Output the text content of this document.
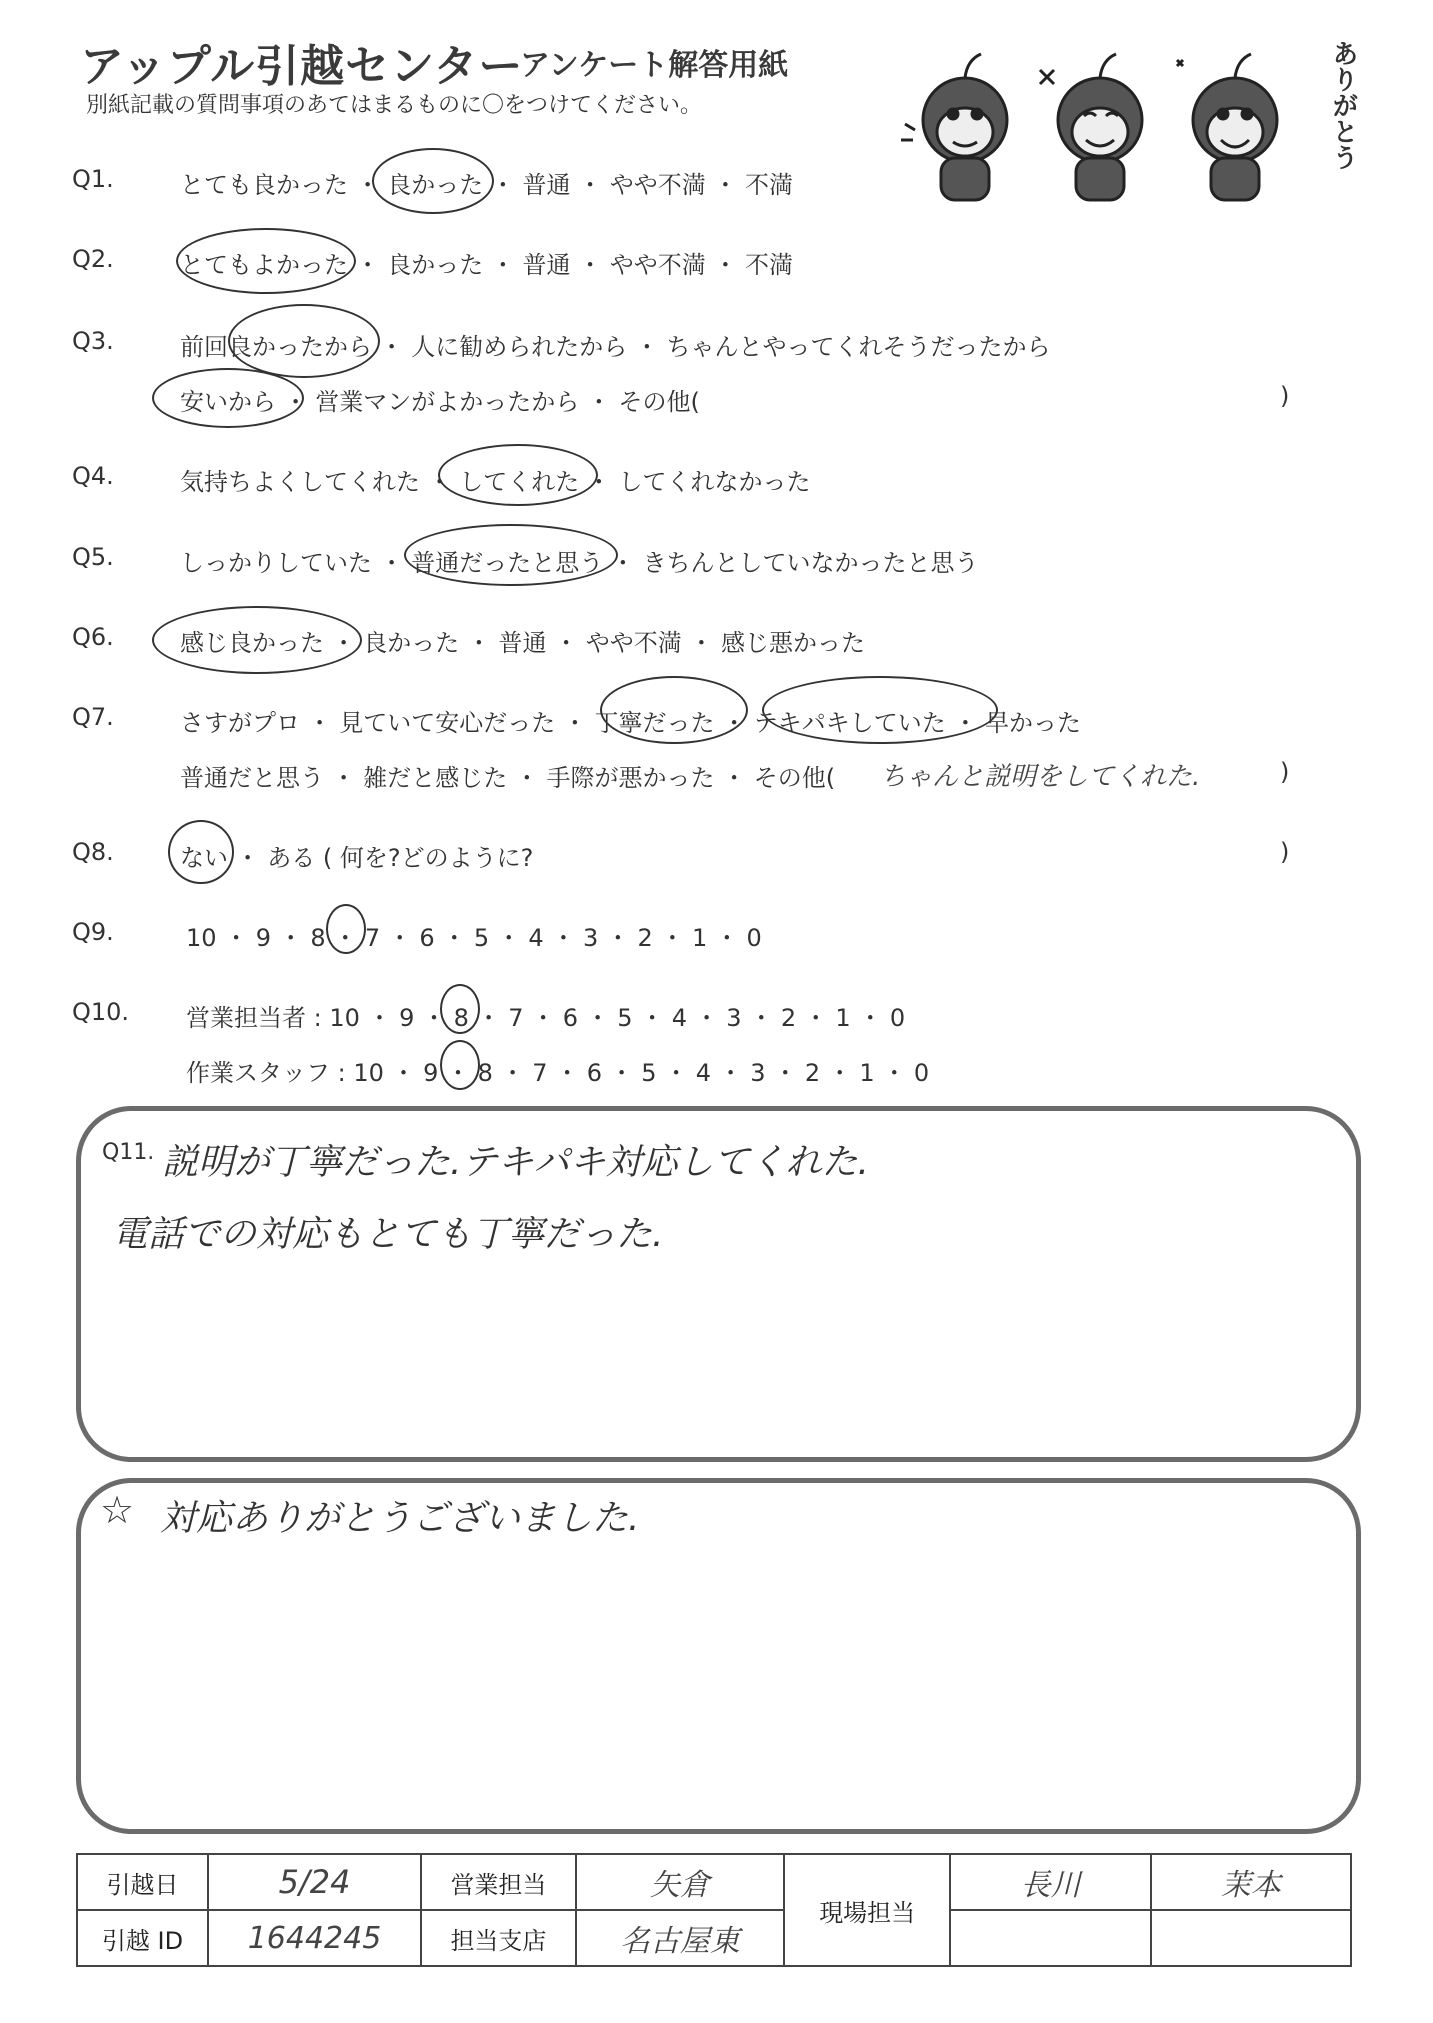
アップル引越センター
アンケート解答用紙
別紙記載の質問事項のあてはまるものに〇をつけてください。	ありがとう
Q1.	とても良かった ・ 良かった ・ 普通 ・ やや不満 ・ 不満
Q2.	とてもよかった ・ 良かった ・ 普通 ・ やや不満 ・ 不満
Q3.	前回良かったから ・ 人に勧められたから ・ ちゃんとやってくれそうだったから
安いから ・ 営業マンがよかったから ・ その他(	)
Q4.	気持ちよくしてくれた ・ してくれた ・ してくれなかった
Q5.	しっかりしていた ・ 普通だったと思う ・ きちんとしていなかったと思う
Q6.	感じ良かった ・ 良かった ・ 普通 ・ やや不満 ・ 感じ悪かった
Q7.	さすがプロ ・ 見ていて安心だった ・ 丁寧だった ・ テキパキしていた ・ 早かった
普通だと思う ・ 雑だと感じた ・ 手際が悪かった ・ その他( ちゃんと説明をしてくれた.	)
Q8.	ない ・ ある ( 何を?どのように?	)
Q9.	10 ・ 9 ・ 8 ・ 7 ・ 6 ・ 5 ・ 4 ・ 3 ・ 2 ・ 1 ・ 0
Q10. 営業担当者 : 10 ・ 9 ・ 8 ・ 7 ・ 6 ・ 5 ・ 4 ・ 3 ・ 2 ・ 1 ・ 0
作業スタッフ : 10 ・ 9 ・ 8 ・ 7 ・ 6 ・ 5 ・ 4 ・ 3 ・ 2 ・ 1 ・ 0
Q11. 説明が丁寧だった.テキパキ対応してくれた.
電話での対応もとても丁寧だった.
☆ 対応ありがとうございました.
引越日	5/24	営業担当	矢倉	現場担当	長川	茉本
引越 ID	1644245	担当支店	名古屋東			
